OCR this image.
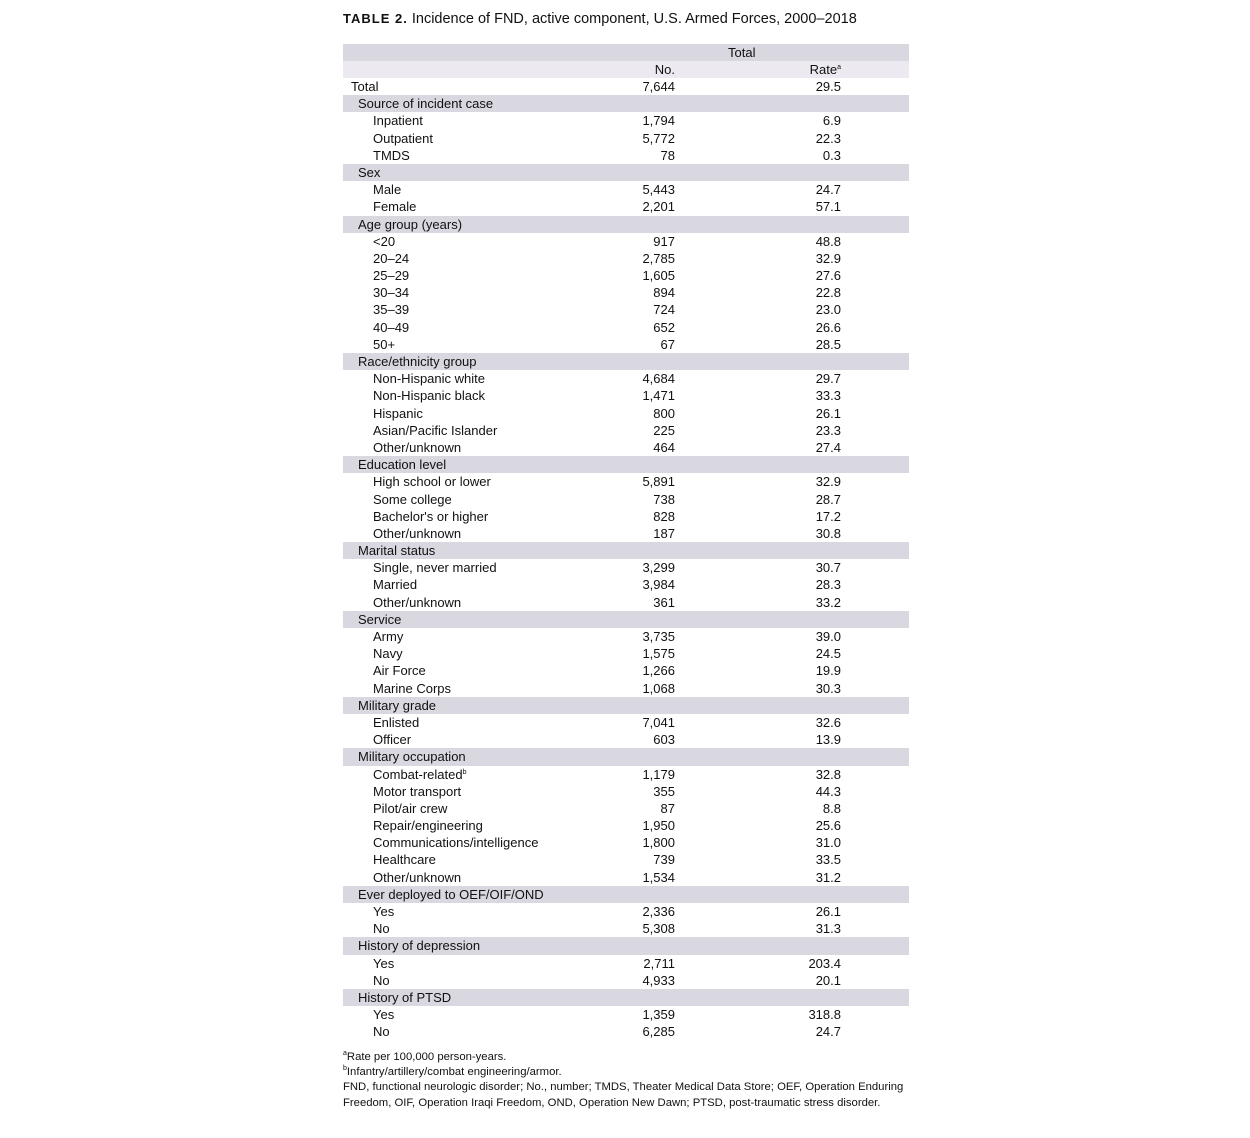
TABLE 2. Incidence of FND, active component, U.S. Armed Forces, 2000–2018
Total
No.	Rate$^a$
Total	7,644	29.5
Source of incident case
Inpatient	1,794	6.9
Outpatient	5,772	22.3
TMDS	78	0.3
Sex
Male	5,443	24.7
Female	2,201	57.1
Age group (years)
<20	917	48.8
20–24	2,785	32.9
25–29	1,605	27.6
30–34	894	22.8
35–39	724	23.0
40–49	652	26.6
50+	67	28.5
Race/ethnicity group
Non-Hispanic white	4,684	29.7
Non-Hispanic black	1,471	33.3
Hispanic	800	26.1
Asian/Pacific Islander	225	23.3
Other/unknown	464	27.4
Education level
High school or lower	5,891	32.9
Some college	738	28.7
Bachelor's or higher	828	17.2
Other/unknown	187	30.8
Marital status
Single, never married	3,299	30.7
Married	3,984	28.3
Other/unknown	361	33.2
Service
Army	3,735	39.0
Navy	1,575	24.5
Air Force	1,266	19.9
Marine Corps	1,068	30.3
Military grade
Enlisted	7,041	32.6
Officer	603	13.9
Military occupation
Combat-related$^b$	1,179	32.8
Motor transport	355	44.3
Pilot/air crew	87	8.8
Repair/engineering	1,950	25.6
Communications/intelligence	1,800	31.0
Healthcare	739	33.5
Other/unknown	1,534	31.2
Ever deployed to OEF/OIF/OND
Yes	2,336	26.1
No	5,308	31.3
History of depression
Yes	2,711	203.4
No	4,933	20.1
History of PTSD
Yes	1,359	318.8
No	6,285	24.7
$^a$Rate per 100,000 person-years.
$^b$Infantry/artillery/combat engineering/armor.
FND, functional neurologic disorder; No., number; TMDS, Theater Medical Data Store; OEF, Operation Enduring Freedom, OIF, Operation Iraqi Freedom, OND, Operation New Dawn; PTSD, post-traumatic stress disorder.
